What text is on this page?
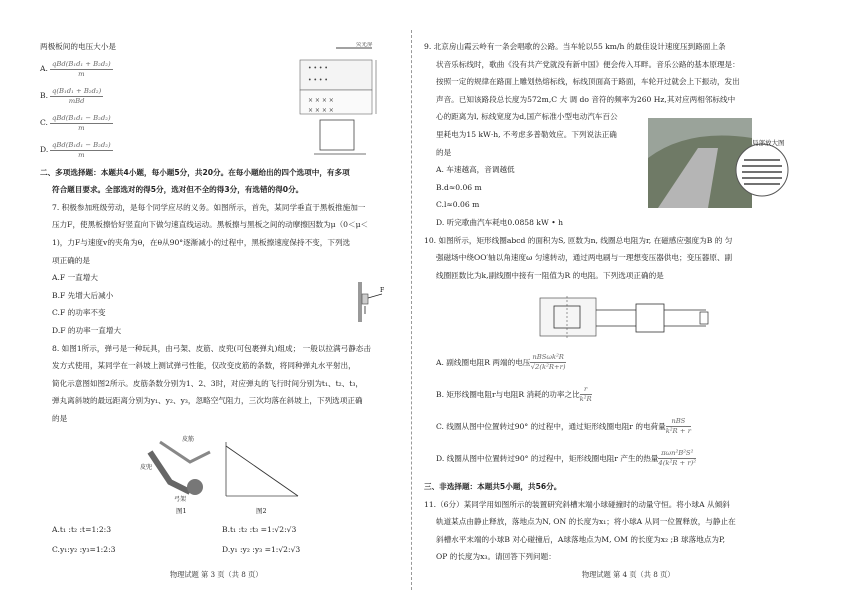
两极板间的电压大小是
A. $\frac{\text{qBd(B₁d₁ + B₂d₂)}}{m}$
B. $\frac{\text{q(B₁d₁ + B₂d₂)}}{\text{mBd}}$
C. $\frac{\text{qBd(B₁d₁ − B₂d₂)}}{m}$
D. $\frac{\text{qBd(B₁d₁ − B₂d₂)}}{m}$
二、多项选择题：本题共4小题，每小题5分，共20分。在每小题给出的四个选项中，有多项
符合题目要求。全部选对的得5分，选对但不全的得3分，有选错的得0分。
7. 积极参加班级劳动，是每个同学应尽的义务。如图所示，首先，某同学垂直于黑板推施加一
压力F，使黑板擦恰好竖直向下做匀速直线运动。黑板擦与黑板之间的动摩擦因数为μ（0＜μ＜
1)，力F与速度v的夹角为θ，在θ从90°逐渐减小的过程中，黑板擦速度保持不变，下列选
项正确的是
A.F 一直增大
B.F 先增大后减小
C.F 的功率不变
D.F 的功率一直增大
8. 如图1所示，弹弓是一种玩具，由弓架、皮筋、皮兜(可包裹弹丸)组成； 一般以拉满弓静态击
发方式使用，某同学在一斜坡上测试弹弓性能，仅改变皮筋的条数，将同种弹丸水平射出，
简化示意图如图2所示。皮筋条数分别为1、2、3时，对应弹丸的飞行时间分别为t₁、t₂、t₃，
弹丸离斜坡的最远距离分别为y₁、y₂、y₃，忽略空气阻力，三次均落在斜坡上，下列选项正确
的是
• • • •
• • • •
× × × ×
× × × ×
荧光屏
F
皮筋
皮兜
弓架
图1	图2
A.t₁ :t₂ :t=1:2:3
C.y₁:y₂ :y₃=1:2:3
B.t₁ :t₂ :t₃ =1:√2:√3
D.y₁ :y₂ :y₃ =1:√2:√3
物理试题 第 3 页（共 8 页）
9. 北京房山霞云岭有一条会唱歌的公路。当车轮以55 km/h 的最佳设计速度压到路面上条
状音乐标线时，歌曲《没有共产党就没有新中国》便会传入耳畔。音乐公路的基本原理是：
按照一定的规律在路面上雕划热熔标线，标线顶面高于路面，车轮开过就会上下振动，发出
声音。已知该路段总长度为572m,C 大 调 do 音符的频率为260 Hz,其对应两相邻标线中
心的距离为l, 标线宽度为d,国产标准小型电动汽车百公
里耗电为15 kW·h, 不考虑多普勒效应。下列说法正确
的是
A. 车速越高，音调越低
B.d≈0.06 m
C.l≈0.06 m
D. 听完歌曲汽车耗电0.0858 kW • h
10. 如图所示，矩形线圈abcd 的面积为S, 匝数为n, 线圈总电阻为r, 在磁感应强度为B 的 匀
强磁场中绕OO′轴以角速度ω 匀速转动，通过两电刷与一理想变压器供电；变压器原、副
线圈匝数比为k,副线圈中接有一阻值为R 的电阻。下列选项正确的是
局部放大图
A. 副线圈电阻R 两端的电压 $\frac{\text{nBSωk²R}}{\text{√2(k²R+r)}}$
B. 矩形线圈电阻r与电阻R 消耗的功率之比 $\frac{r}{\text{k²R}}$
C. 线圈从图中位置转过90° 的过程中，通过矩形线圈电阻r 的电荷量 $\frac{\text{nBS}}{\text{k²R + r}}$
D. 线圈从图中位置转过90° 的过程中，矩形线圈电阻r 产生的热量 $\frac{\text{πωn²B²S²}}{\text{4(k²R + r)²}}$
三、非选择题：本题共5小题，共56分。
11.（6分）某同学用如图所示的装置研究斜槽末端小球碰撞时的动量守恒。将小球A 从倾斜
轨道某点由静止释放，落地点为N, ON 的长度为x₁；将小球A 从同一位置释放，与静止在
斜槽水平末端的小球B 对心碰撞后，A球落地点为M, OM 的长度为x₂ ;B 球落地点为P,
OP 的长度为x₃。请回答下列问题：
物理试题 第 4 页（共 8 页）
